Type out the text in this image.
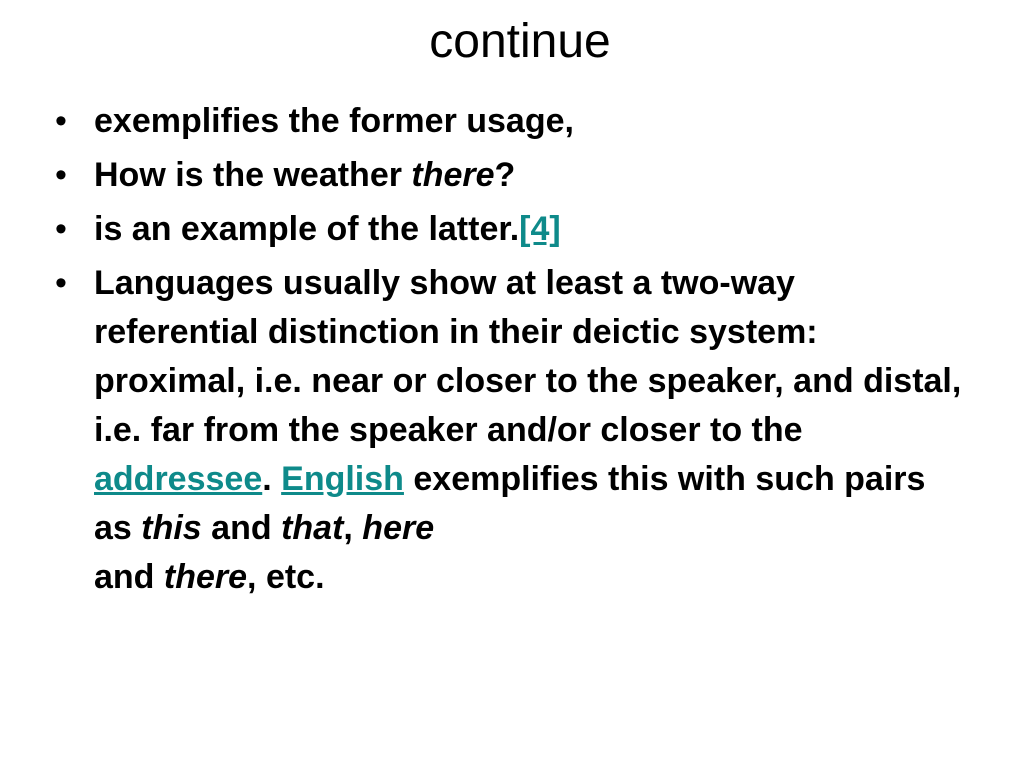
continue
• exemplifies the former usage,
• How is the weather there?
• is an example of the latter.[4]
• Languages usually show at least a two-way referential distinction in their deictic system: proximal, i.e. near or closer to the speaker, and distal, i.e. far from the speaker and/or closer to the addressee. English exemplifies this with such pairs as this and that, here
and there, etc.
